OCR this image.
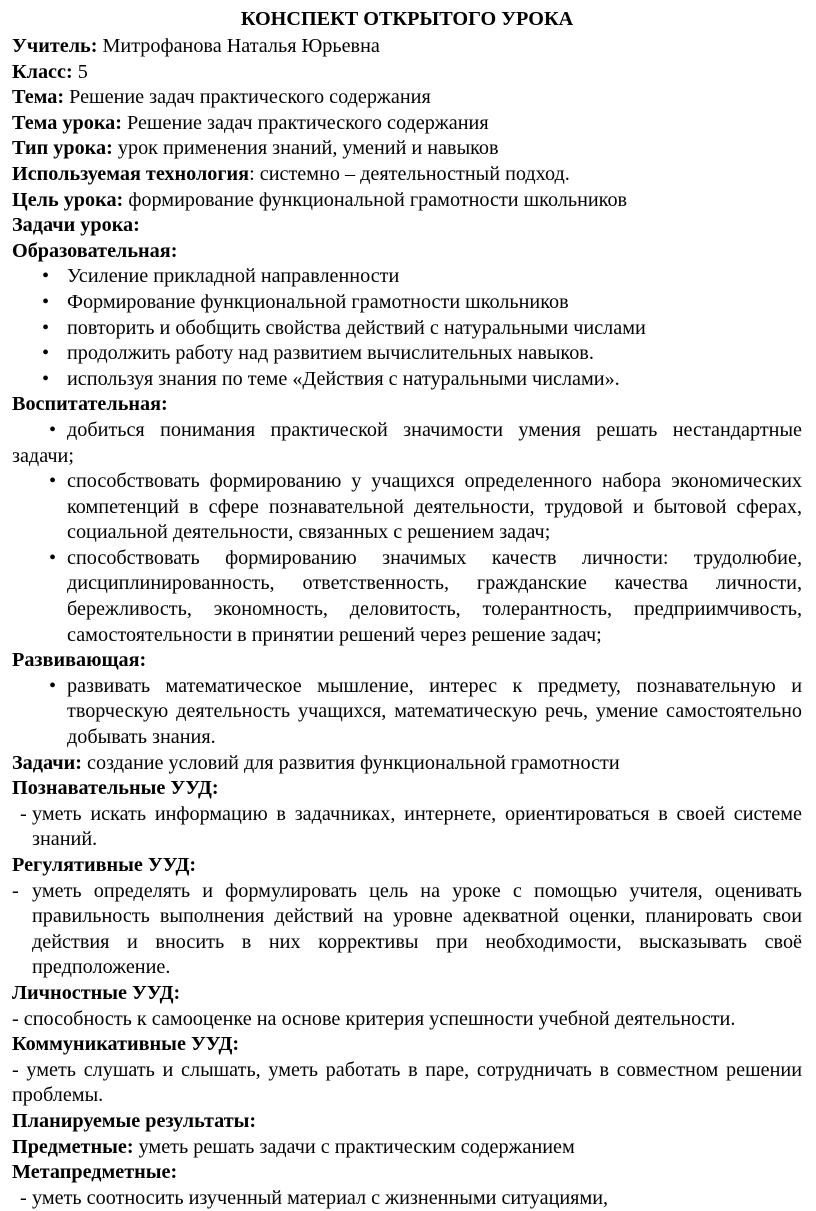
КОНСПЕКТ ОТКРЫТОГО УРОКА

Учитель: Митрофанова Наталья Юрьевна

Класс: 5

Тема: Решение задач практического содержания

Тема урока: Решение задач практического содержания

Тип урока: урок применения знаний, умений и навыков

Используемая технология: системно – деятельностный подход.

Цель урока: формирование функциональной грамотности школьников

Задачи урока:

Образовательная:

• Усиление прикладной направленности
• Формирование функциональной грамотности школьников
• повторить и обобщить свойства действий с натуральными числами
• продолжить работу над развитием вычислительных навыков.
• используя знания по теме «Действия с натуральными числами».

Воспитательная:

добиться понимания практической значимости умения решать нестандартные задачи;
•
• способствовать формированию у учащихся определенного набора экономических компетенций в сфере познавательной деятельности, трудовой и бытовой сферах, социальной деятельности, связанных с решением задач;
• способствовать формированию значимых качеств личности: трудолюбие, дисциплинированность, ответственность, гражданские качества личности, бережливость, экономность, деловитость, толерантность, предприимчивость, самостоятельности в принятии решений через решение задач;

Развивающая:

• развивать математическое мышление, интерес к предмету, познавательную и творческую деятельность учащихся, математическую речь, умение самостоятельно добывать знания.

Задачи: создание условий для развития функциональной грамотности

Познавательные УУД:

- уметь искать информацию в задачниках, интернете, ориентироваться в своей системе знаний.

Регулятивные УУД:

- уметь определять и формулировать цель на уроке с помощью учителя, оценивать правильность выполнения действий на уровне адекватной оценки, планировать свои действия и вносить в них коррективы при необходимости, высказывать своё предположение.

Личностные УУД:

- способность к самооценке на основе критерия успешности учебной деятельности.

Коммуникативные УУД:

- уметь слушать и слышать, уметь работать в паре, сотрудничать в совместном решении проблемы.

Планируемые результаты:

Предметные: уметь решать задачи с практическим содержанием

Метапредметные:

- уметь соотносить изученный материал с жизненными ситуациями,
